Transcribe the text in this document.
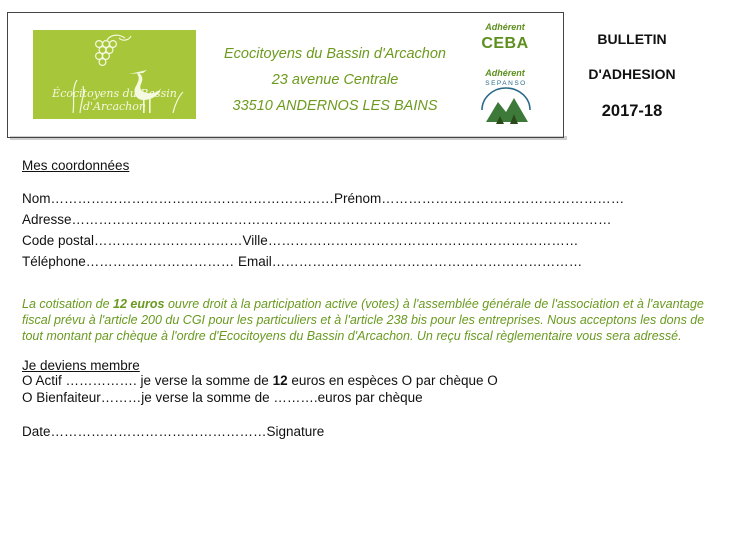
Écocitoyens du Bassin d'Arcachon
Ecocitoyens du Bassin d'Arcachon
23 avenue Centrale
33510 ANDERNOS LES BAINS
Adhérent
CEBA
Adhérent
SEPANSO
BULLETIN
D'ADHESION
2017-18
Mes coordonnées
Nom………………………………………………………Prénom………………………………………………
Adresse…………………………………………………………………………………………………………
Code postal……………………………Ville……………………………………………………………
Téléphone…………………………… Email……………………………………………………………
La cotisation de 12 euros ouvre droit à la participation active (votes) à l'assemblée générale de l'association et à l'avantage fiscal prévu à l'article 200 du CGI pour les particuliers et à l'article 238 bis pour les entreprises. Nous acceptons les dons de tout montant par chèque à l'ordre d'Ecocitoyens du Bassin d'Arcachon. Un reçu fiscal règlementaire vous sera adressé.
Je deviens membre
O Actif ……………. je verse la somme de 12 euros en espèces O par chèque O
O Bienfaiteur………je verse la somme de ……….euros par chèque
Date…………………………………………Signature
